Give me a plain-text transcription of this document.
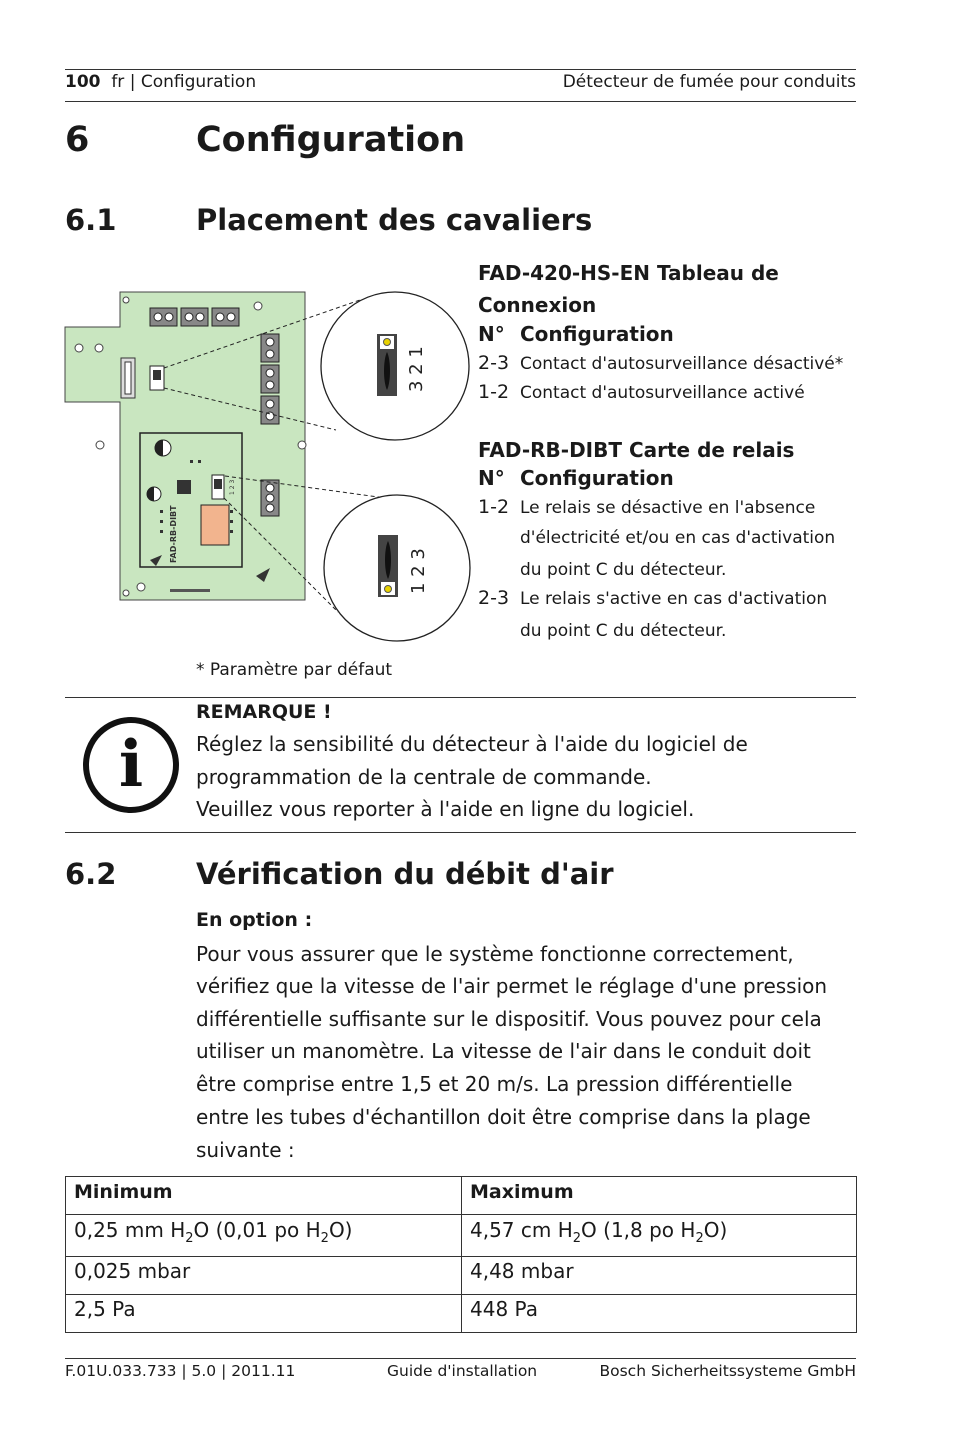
100 fr | Configuration	Détecteur de fumée pour conduits
6	Configuration
6.1	Placement des cavaliers
FAD-RB-DIBT
1 2 3
3 2 1
1 2 3
FAD-420-HS-EN Tableau de
Connexion
N° Configuration
2-3 Contact d'autosurveillance désactivé*
1-2 Contact d'autosurveillance activé
FAD-RB-DIBT Carte de relais
N° Configuration
1-2 Le relais se désactive en l'absence
d'électricité et/ou en cas d'activation
du point C du détecteur.
2-3 Le relais s'active en cas d'activation
du point C du détecteur.
* Paramètre par défaut
i
REMARQUE !
Réglez la sensibilité du détecteur à l'aide du logiciel de
programmation de la centrale de commande.
Veuillez vous reporter à l'aide en ligne du logiciel.
6.2	Vérification du débit d'air
En option :
Pour vous assurer que le système fonctionne correctement,
vérifiez que la vitesse de l'air permet le réglage d'une pression
différentielle suffisante sur le dispositif. Vous pouvez pour cela
utiliser un manomètre. La vitesse de l'air dans le conduit doit
être comprise entre 1,5 et 20 m/s. La pression différentielle
entre les tubes d'échantillon doit être comprise dans la plage
suivante :
Minimum	Maximum
0,25 mm $H_2O$ (0,01 po $H_2O$)	4,57 cm $H_2O$ (1,8 po $H_2O$)
0,025 mbar	4,48 mbar
2,5 Pa	448 Pa
F.01U.033.733 | 5.0 | 2011.11	Guide d'installation	Bosch Sicherheitssysteme GmbH
